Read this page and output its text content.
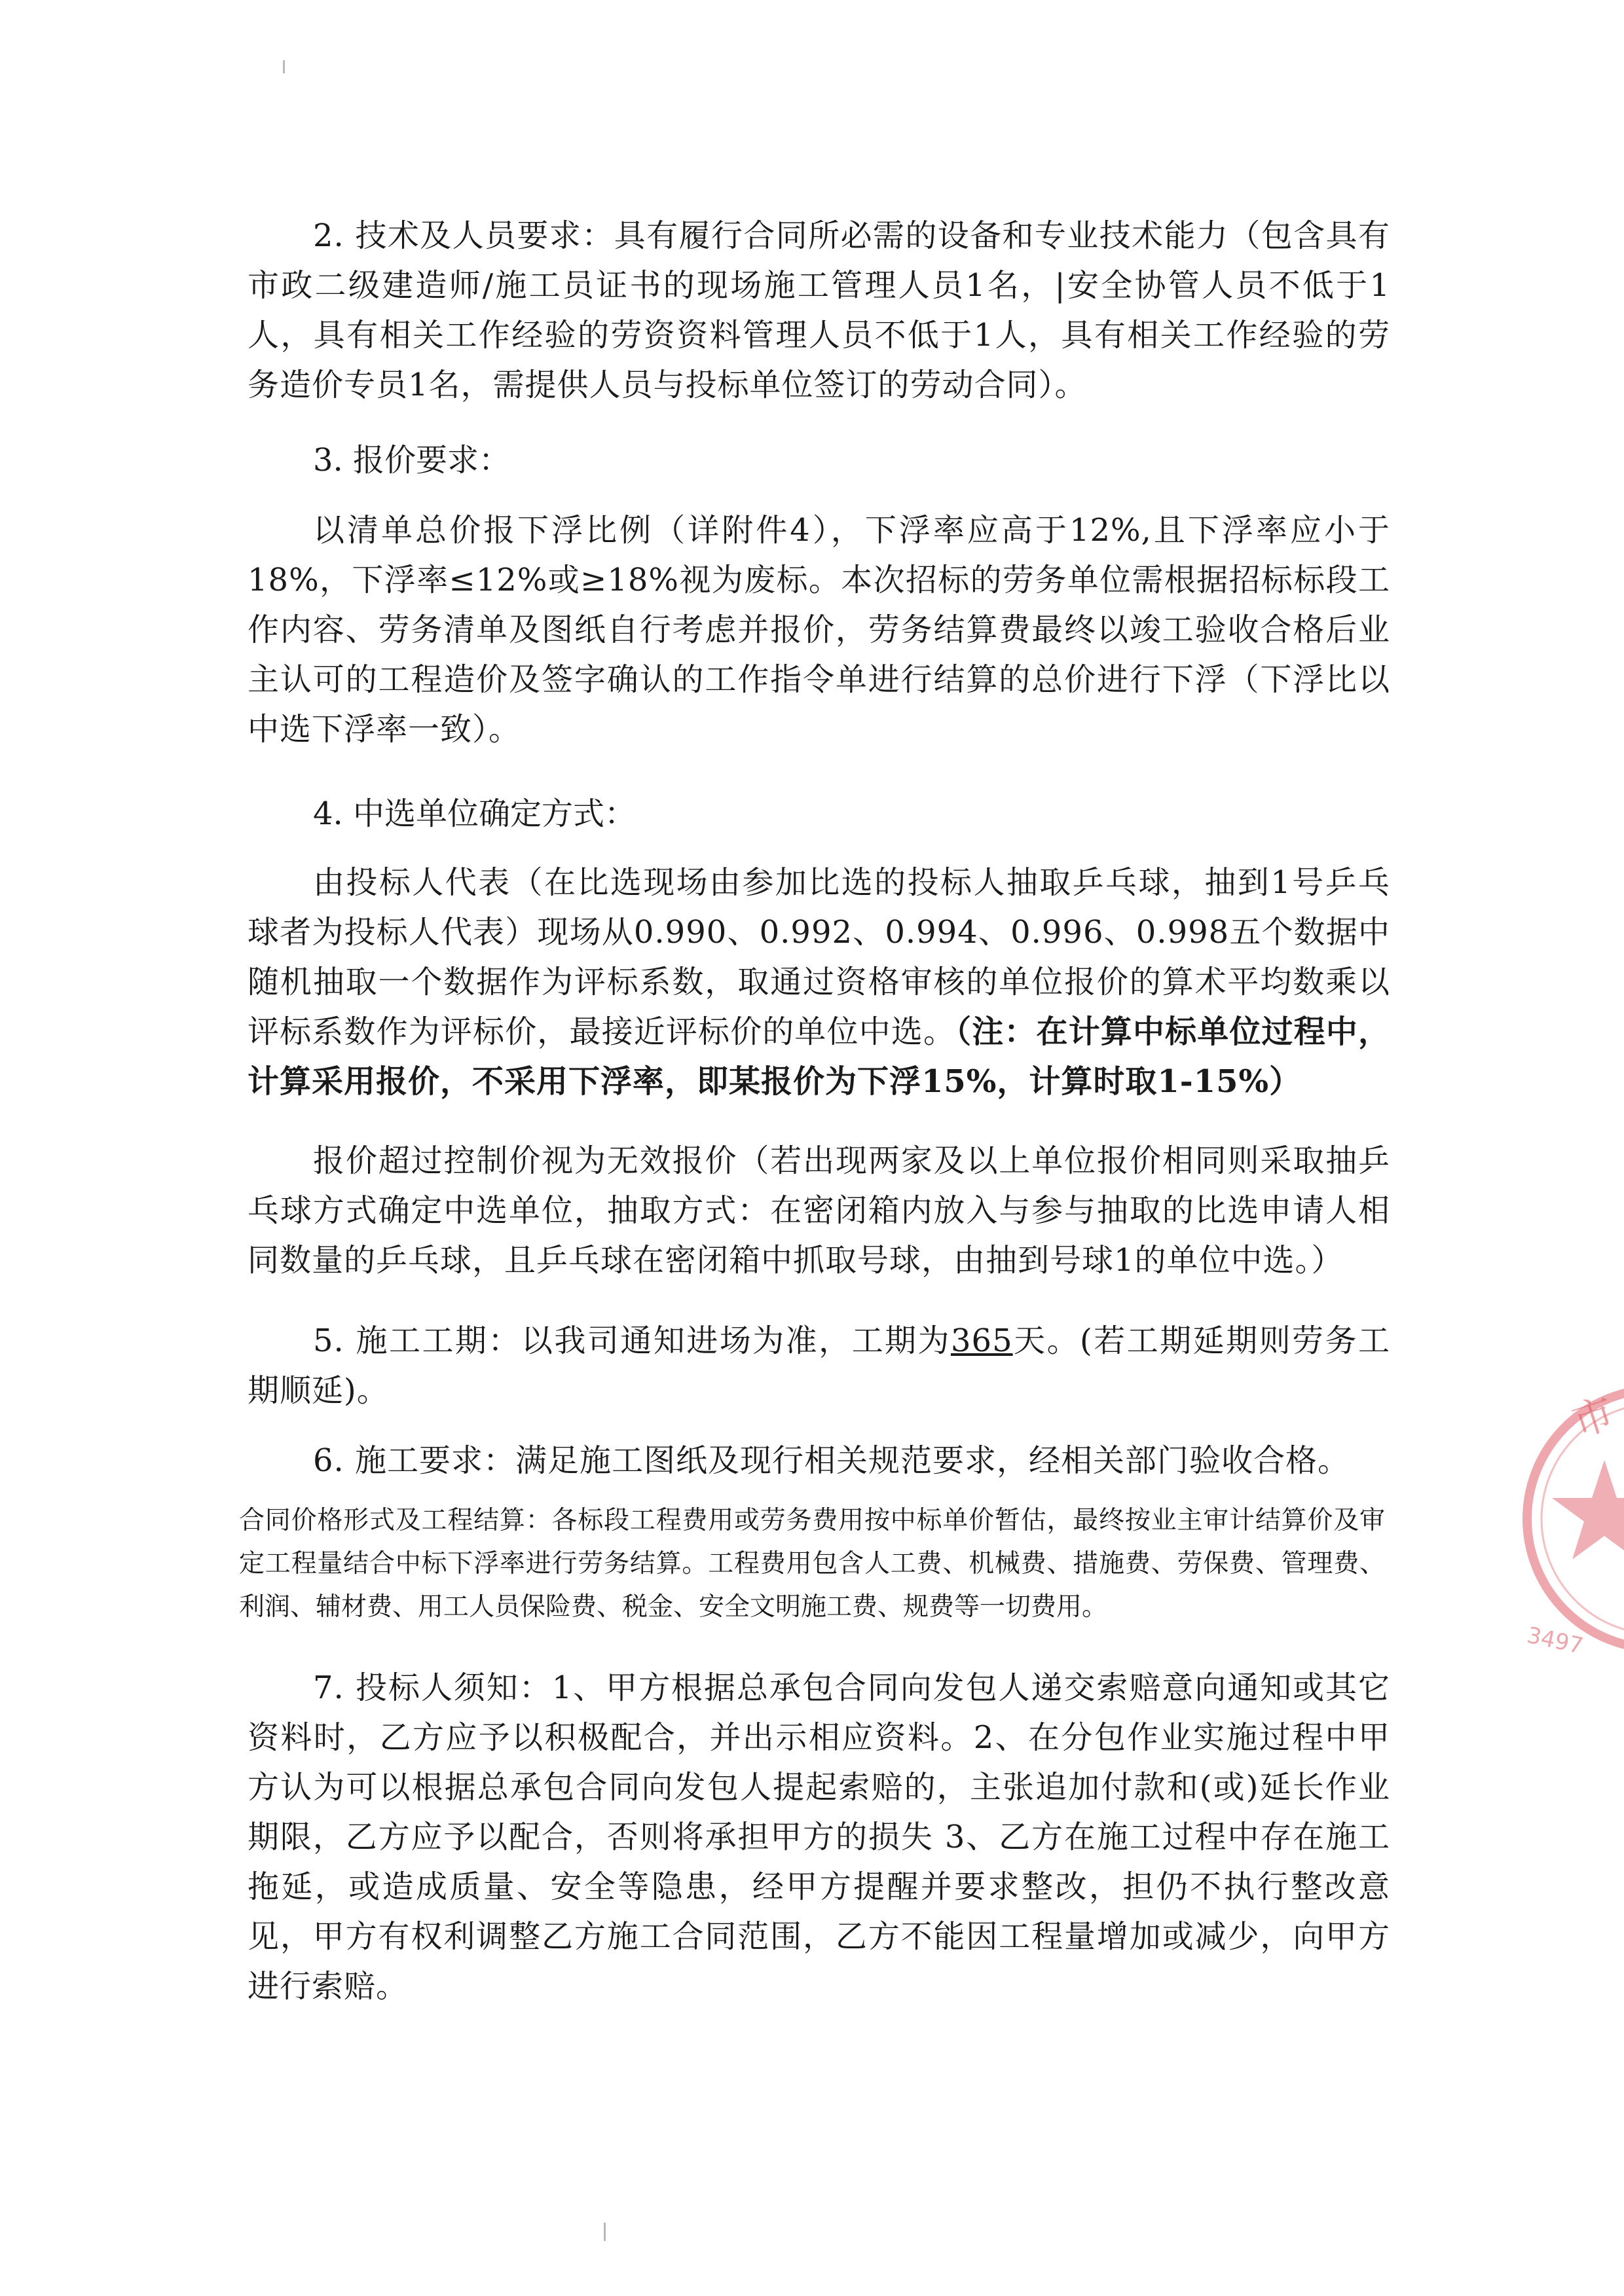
2. 技术及人员要求：具有履行合同所必需的设备和专业技术能力（包含具有市政二级建造师/施工员证书的现场施工管理人员1名，|安全协管人员不低于1人，具有相关工作经验的劳资资料管理人员不低于1人，具有相关工作经验的劳务造价专员1名，需提供人员与投标单位签订的劳动合同）。

3. 报价要求：

以清单总价报下浮比例（详附件4），下浮率应高于12%,且下浮率应小于18%，下浮率≤12%或≥18%视为废标。本次招标的劳务单位需根据招标标段工作内容、劳务清单及图纸自行考虑并报价，劳务结算费最终以竣工验收合格后业主认可的工程造价及签字确认的工作指令单进行结算的总价进行下浮（下浮比以中选下浮率一致）。

4. 中选单位确定方式：

由投标人代表（在比选现场由参加比选的投标人抽取乒乓球，抽到1号乒乓球者为投标人代表）现场从0.990、0.992、0.994、0.996、0.998五个数据中随机抽取一个数据作为评标系数，取通过资格审核的单位报价的算术平均数乘以评标系数作为评标价，最接近评标价的单位中选。（注：在计算中标单位过程中，计算采用报价，不采用下浮率，即某报价为下浮15%，计算时取1-15%）

报价超过控制价视为无效报价（若出现两家及以上单位报价相同则采取抽乒乓球方式确定中选单位，抽取方式：在密闭箱内放入与参与抽取的比选申请人相同数量的乒乓球，且乒乓球在密闭箱中抓取号球，由抽到号球1的单位中选。）

5. 施工工期：以我司通知进场为准，工期为365天。(若工期延期则劳务工期顺延)。

6. 施工要求：满足施工图纸及现行相关规范要求，经相关部门验收合格。

合同价格形式及工程结算：各标段工程费用或劳务费用按中标单价暂估，最终按业主审计结算价及审定工程量结合中标下浮率进行劳务结算。工程费用包含人工费、机械费、措施费、劳保费、管理费、利润、辅材费、用工人员保险费、税金、安全文明施工费、规费等一切费用。

7. 投标人须知：1、甲方根据总承包合同向发包人递交索赔意向通知或其它资料时，乙方应予以积极配合，并出示相应资料。2、在分包作业实施过程中甲方认为可以根据总承包合同向发包人提起索赔的，主张追加付款和(或)延长作业期限，乙方应予以配合，否则将承担甲方的损失 3、乙方在施工过程中存在施工拖延，或造成质量、安全等隐患，经甲方提醒并要求整改，担仍不执行整改意见，甲方有权利调整乙方施工合同范围，乙方不能因工程量增加或减少，向甲方进行索赔。

市
3497
